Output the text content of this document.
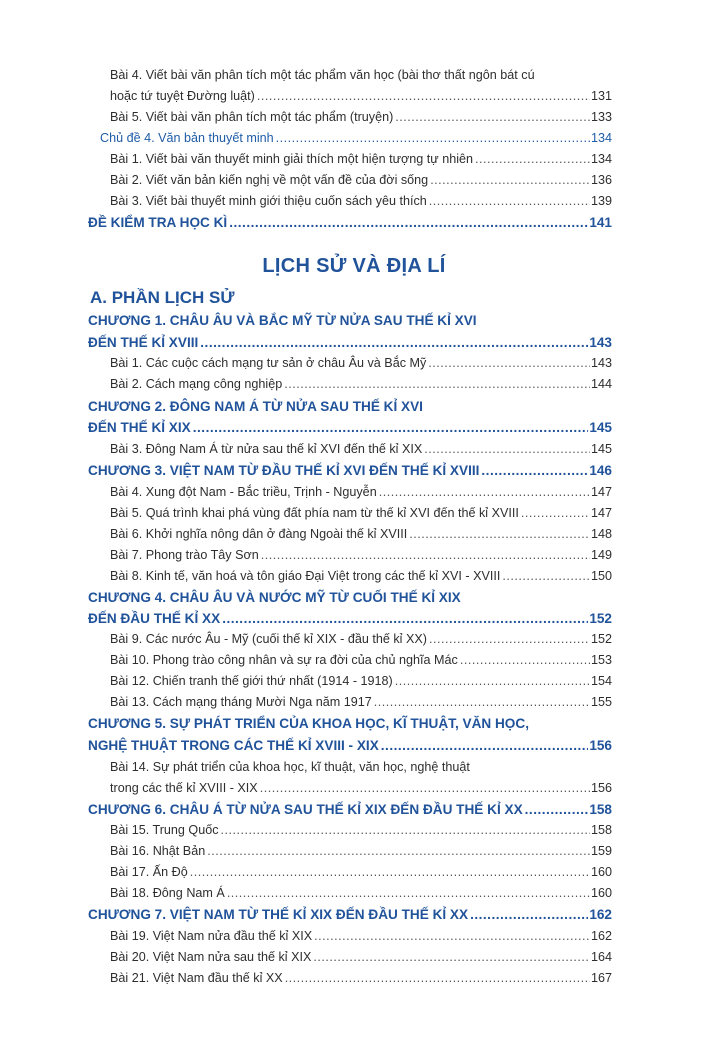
Bài 4. Viết bài văn phân tích một tác phẩm văn học (bài thơ thất ngôn bát cú
hoặc tứ tuyệt Đường luật) .....	131
Bài 5. Viết bài văn phân tích một tác phẩm (truyện) .....	133
Chủ đề 4. Văn bản thuyết minh .....	134
Bài 1. Viết bài văn thuyết minh giải thích một hiện tượng tự nhiên .....	134
Bài 2. Viết văn bản kiến nghị về một vấn đề của đời sống .....	136
Bài 3. Viết bài thuyết minh giới thiệu cuốn sách yêu thích .....	139
ĐỀ KIỂM TRA HỌC KÌ .....	141
LỊCH SỬ VÀ ĐỊA LÍ
A. PHẦN LỊCH SỬ
CHƯƠNG 1. CHÂU ÂU VÀ BẮC MỸ TỪ NỬA SAU THẾ KỈ XVI
ĐẾN THẾ KỈ XVIII .....	143
Bài 1. Các cuộc cách mạng tư sản ở châu Âu và Bắc Mỹ .....	143
Bài 2. Cách mạng công nghiệp .....	144
CHƯƠNG 2. ĐÔNG NAM Á TỪ NỬA SAU THẾ KỈ XVI
ĐẾN THẾ KỈ XIX .....	145
Bài 3. Đông Nam Á từ nửa sau thế kỉ XVI đến thế kỉ XIX .....	145
CHƯƠNG 3. VIỆT NAM TỪ ĐẦU THẾ KỈ XVI ĐẾN THẾ KỈ XVIII .....	146
Bài 4. Xung đột Nam - Bắc triều, Trịnh - Nguyễn .....	147
Bài 5. Quá trình khai phá vùng đất phía nam từ thế kỉ XVI đến thế kỉ XVIII .....	147
Bài 6. Khởi nghĩa nông dân ở đàng Ngoài thế kỉ XVIII .....	148
Bài 7. Phong trào Tây Sơn .....	149
Bài 8. Kinh tế, văn hoá và tôn giáo Đại Việt trong các thế kỉ XVI - XVIII .....	150
CHƯƠNG 4. CHÂU ÂU VÀ NƯỚC MỸ TỪ CUỐI THẾ KỈ XIX
ĐẾN ĐẦU THẾ KỈ XX .....	152
Bài 9. Các nước Âu - Mỹ (cuối thế kỉ XIX - đầu thế kỉ XX) .....	152
Bài 10. Phong trào công nhân và sự ra đời của chủ nghĩa Mác .....	153
Bài 12. Chiến tranh thế giới thứ nhất (1914 - 1918) .....	154
Bài 13. Cách mạng tháng Mười Nga năm 1917 .....	155
CHƯƠNG 5. SỰ PHÁT TRIỂN CỦA KHOA HỌC, KĨ THUẬT, VĂN HỌC,
NGHỆ THUẬT TRONG CÁC THẾ KỈ XVIII - XIX .....	156
Bài 14. Sự phát triển của khoa học, kĩ thuật, văn học, nghệ thuật
trong các thế kỉ XVIII - XIX .....	156
CHƯƠNG 6. CHÂU Á TỪ NỬA SAU THẾ KỈ XIX ĐẾN ĐẦU THẾ KỈ XX .....	158
Bài 15. Trung Quốc .....	158
Bài 16. Nhật Bản .....	159
Bài 17. Ấn Độ .....	160
Bài 18. Đông Nam Á .....	160
CHƯƠNG 7. VIỆT NAM TỪ THẾ KỈ XIX ĐẾN ĐẦU THẾ KỈ XX .....	162
Bài 19. Việt Nam nửa đầu thế kỉ XIX .....	162
Bài 20. Việt Nam nửa sau thế kỉ XIX .....	164
Bài 21. Việt Nam đầu thế kỉ XX .....	167
